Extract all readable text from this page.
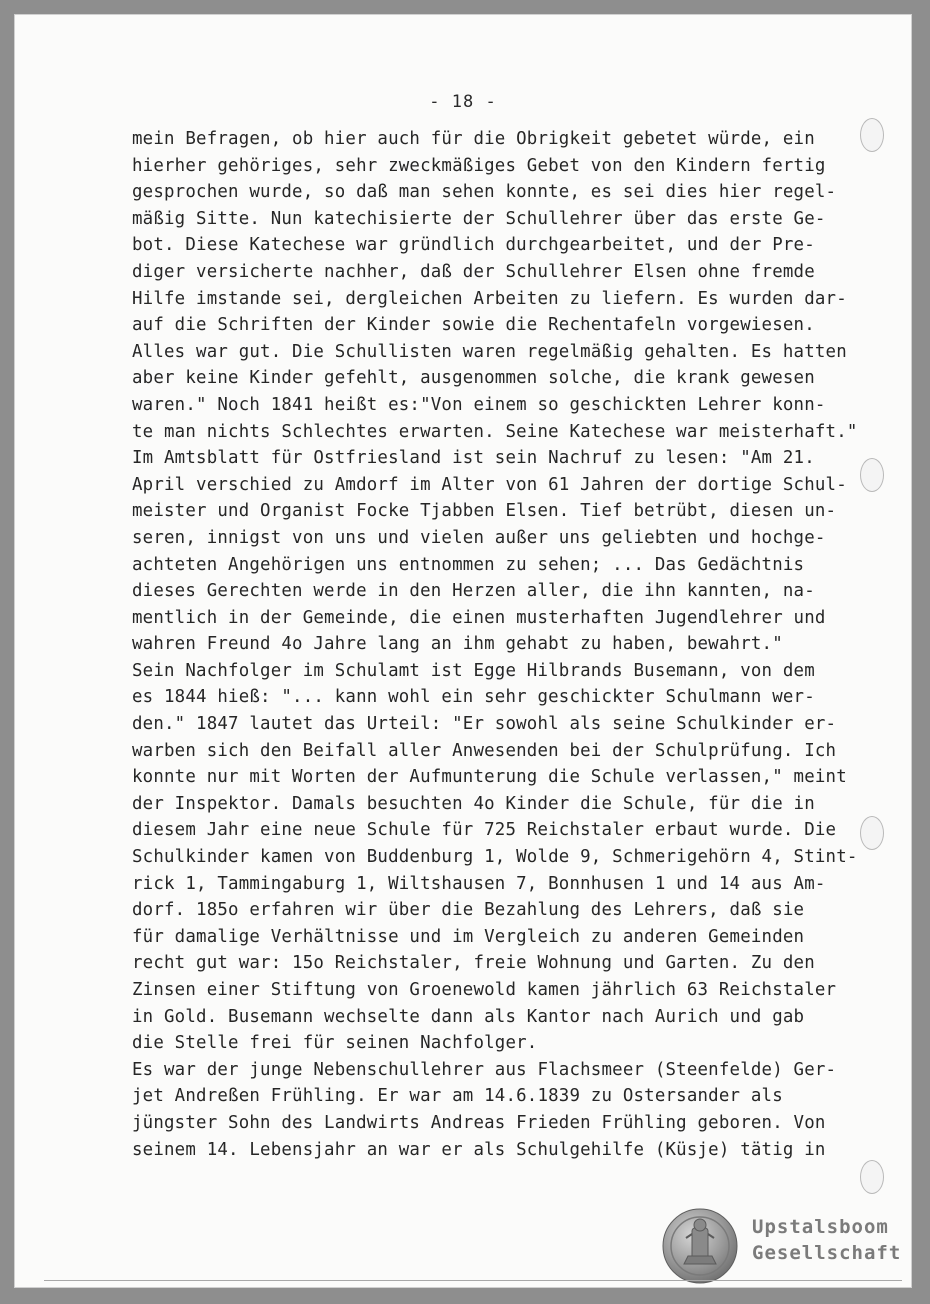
- 18 -
mein Befragen, ob hier auch für die Obrigkeit gebetet würde, ein
hierher gehöriges, sehr zweckmäßiges Gebet von den Kindern fertig
gesprochen wurde, so daß man sehen konnte, es sei dies hier regel-
mäßig Sitte. Nun katechisierte der Schullehrer über das erste Ge-
bot. Diese Katechese war gründlich durchgearbeitet, und der Pre-
diger versicherte nachher, daß der Schullehrer Elsen ohne fremde
Hilfe imstande sei, dergleichen Arbeiten zu liefern. Es wurden dar-
auf die Schriften der Kinder sowie die Rechentafeln vorgewiesen.
Alles war gut. Die Schullisten waren regelmäßig gehalten. Es hatten
aber keine Kinder gefehlt, ausgenommen solche, die krank gewesen
waren." Noch 1841 heißt es:"Von einem so geschickten Lehrer konn-
te man nichts Schlechtes erwarten. Seine Katechese war meisterhaft."
Im Amtsblatt für Ostfriesland ist sein Nachruf zu lesen: "Am 21.
April verschied zu Amdorf im Alter von 61 Jahren der dortige Schul-
meister und Organist Focke Tjabben Elsen. Tief betrübt, diesen un-
seren, innigst von uns und vielen außer uns geliebten und hochge-
achteten Angehörigen uns entnommen zu sehen; ... Das Gedächtnis
dieses Gerechten werde in den Herzen aller, die ihn kannten, na-
mentlich in der Gemeinde, die einen musterhaften Jugendlehrer und
wahren Freund 4o Jahre lang an ihm gehabt zu haben, bewahrt."
Sein Nachfolger im Schulamt ist Egge Hilbrands Busemann, von dem
es 1844 hieß: "... kann wohl ein sehr geschickter Schulmann wer-
den." 1847 lautet das Urteil: "Er sowohl als seine Schulkinder er-
warben sich den Beifall aller Anwesenden bei der Schulprüfung. Ich
konnte nur mit Worten der Aufmunterung die Schule verlassen," meint
der Inspektor. Damals besuchten 4o Kinder die Schule, für die in
diesem Jahr eine neue Schule für 725 Reichstaler erbaut wurde. Die
Schulkinder kamen von Buddenburg 1, Wolde 9, Schmerigehörn 4, Stint-
rick 1, Tammingaburg 1, Wiltshausen 7, Bonnhusen 1 und 14 aus Am-
dorf. 185o erfahren wir über die Bezahlung des Lehrers, daß sie
für damalige Verhältnisse und im Vergleich zu anderen Gemeinden
recht gut war: 15o Reichstaler, freie Wohnung und Garten. Zu den
Zinsen einer Stiftung von Groenewold kamen jährlich 63 Reichstaler
in Gold. Busemann wechselte dann als Kantor nach Aurich und gab
die Stelle frei für seinen Nachfolger.
Es war der junge Nebenschullehrer aus Flachsmeer (Steenfelde) Ger-
jet Andreßen Frühling. Er war am 14.6.1839 zu Ostersander als
jüngster Sohn des Landwirts Andreas Frieden Frühling geboren. Von
seinem 14. Lebensjahr an war er als Schulgehilfe (Küsje) tätig in
Upstalsboom
Gesellschaft
